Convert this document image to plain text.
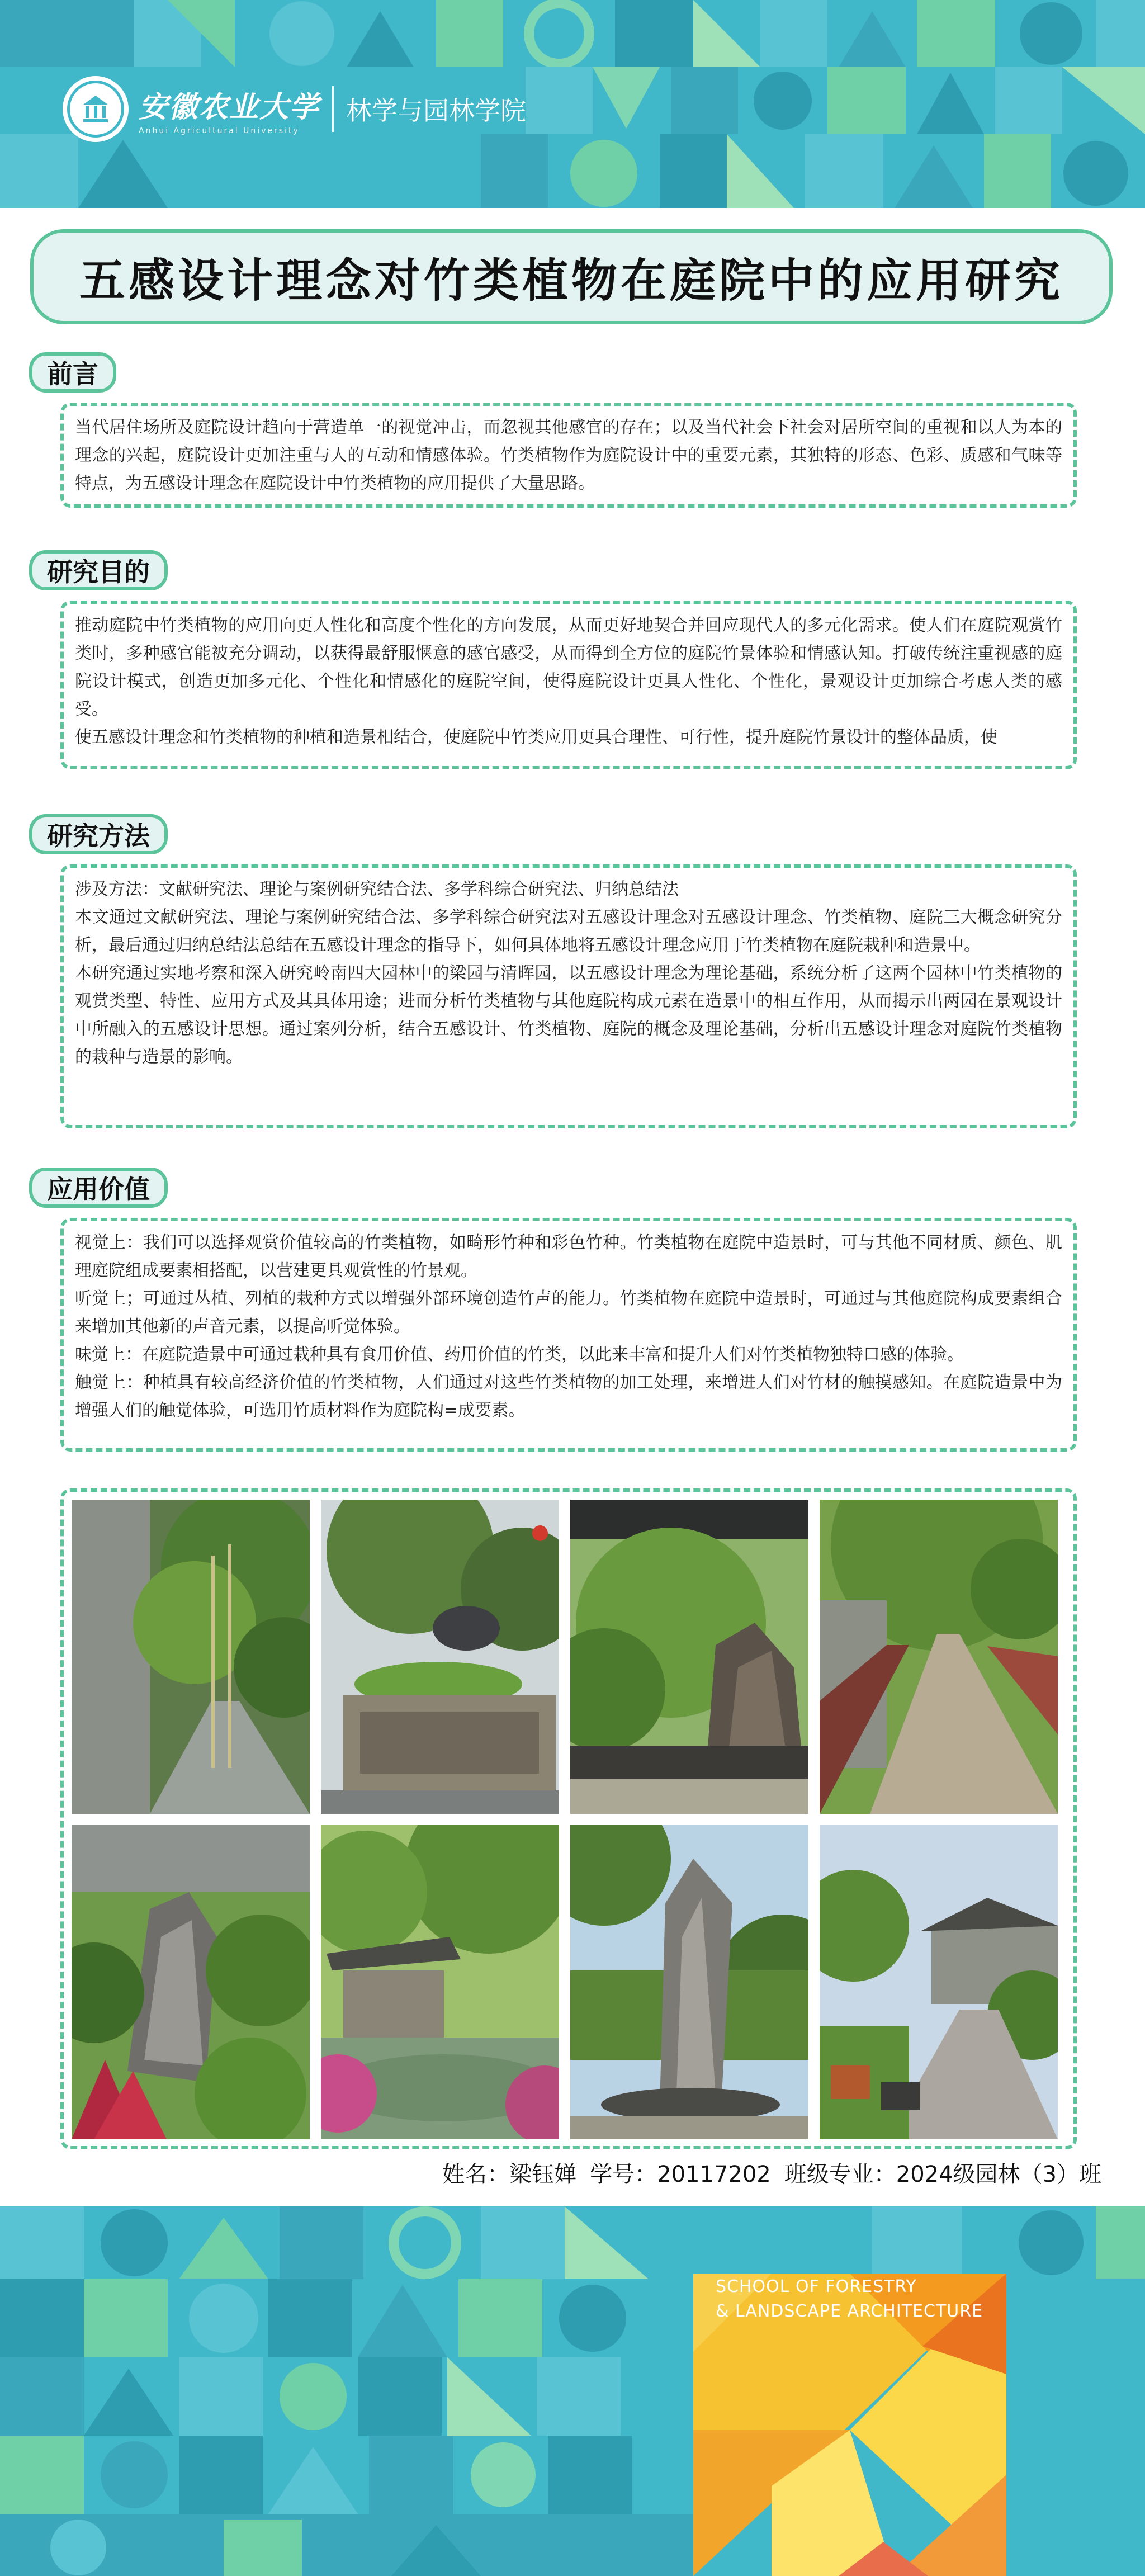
安徽农业大学
Anhui Agricultural University
林学与园林学院
五感设计理念对竹类植物在庭院中的应用研究
前言

当代居住场所及庭院设计趋向于营造单一的视觉冲击，而忽视其他感官的存在；以及当代社会下社会对居所空间的重视和以人为本的理念的兴起，庭院设计更加注重与人的互动和情感体验。竹类植物作为庭院设计中的重要元素，其独特的形态、色彩、质感和气味等特点，为五感设计理念在庭院设计中竹类植物的应用提供了大量思路。

研究目的

推动庭院中竹类植物的应用向更人性化和高度个性化的方向发展，从而更好地契合并回应现代人的多元化需求。使人们在庭院观赏竹类时，多种感官能被充分调动，以获得最舒服惬意的感官感受，从而得到全方位的庭院竹景体验和情感认知。打破传统注重视感的庭院设计模式，创造更加多元化、个性化和情感化的庭院空间，使得庭院设计更具人性化、个性化，景观设计更加综合考虑人类的感受。

使五感设计理念和竹类植物的种植和造景相结合，使庭院中竹类应用更具合理性、可行性，提升庭院竹景设计的整体品质，使

研究方法

涉及方法：文献研究法、理论与案例研究结合法、多学科综合研究法、归纳总结法

本文通过文献研究法、理论与案例研究结合法、多学科综合研究法对五感设计理念对五感设计理念、竹类植物、庭院三大概念研究分析，最后通过归纳总结法总结在五感设计理念的指导下，如何具体地将五感设计理念应用于竹类植物在庭院栽种和造景中。

本研究通过实地考察和深入研究岭南四大园林中的梁园与清晖园，以五感设计理念为理论基础，系统分析了这两个园林中竹类植物的观赏类型、特性、应用方式及其具体用途；进而分析竹类植物与其他庭院构成元素在造景中的相互作用，从而揭示出两园在景观设计中所融入的五感设计思想。通过案列分析，结合五感设计、竹类植物、庭院的概念及理论基础，分析出五感设计理念对庭院竹类植物的栽种与造景的影响。

应用价值

视觉上：我们可以选择观赏价值较高的竹类植物，如畸形竹种和彩色竹种。竹类植物在庭院中造景时，可与其他不同材质、颜色、肌理庭院组成要素相搭配，以营建更具观赏性的竹景观。

听觉上；可通过丛植、列植的栽种方式以增强外部环境创造竹声的能力。竹类植物在庭院中造景时，可通过与其他庭院构成要素组合来增加其他新的声音元素，以提高听觉体验。

味觉上：在庭院造景中可通过栽种具有食用价值、药用价值的竹类，以此来丰富和提升人们对竹类植物独特口感的体验。

触觉上：种植具有较高经济价值的竹类植物，人们通过对这些竹类植物的加工处理，来增进人们对竹材的触摸感知。在庭院造景中为增强人们的触觉体验，可选用竹质材料作为庭院构=成要素。

姓名：梁钰婵 学号：20117202 班级专业：2024级园林（3）班
SCHOOL OF FORESTRY
& LANDSCAPE ARCHITECTURE
